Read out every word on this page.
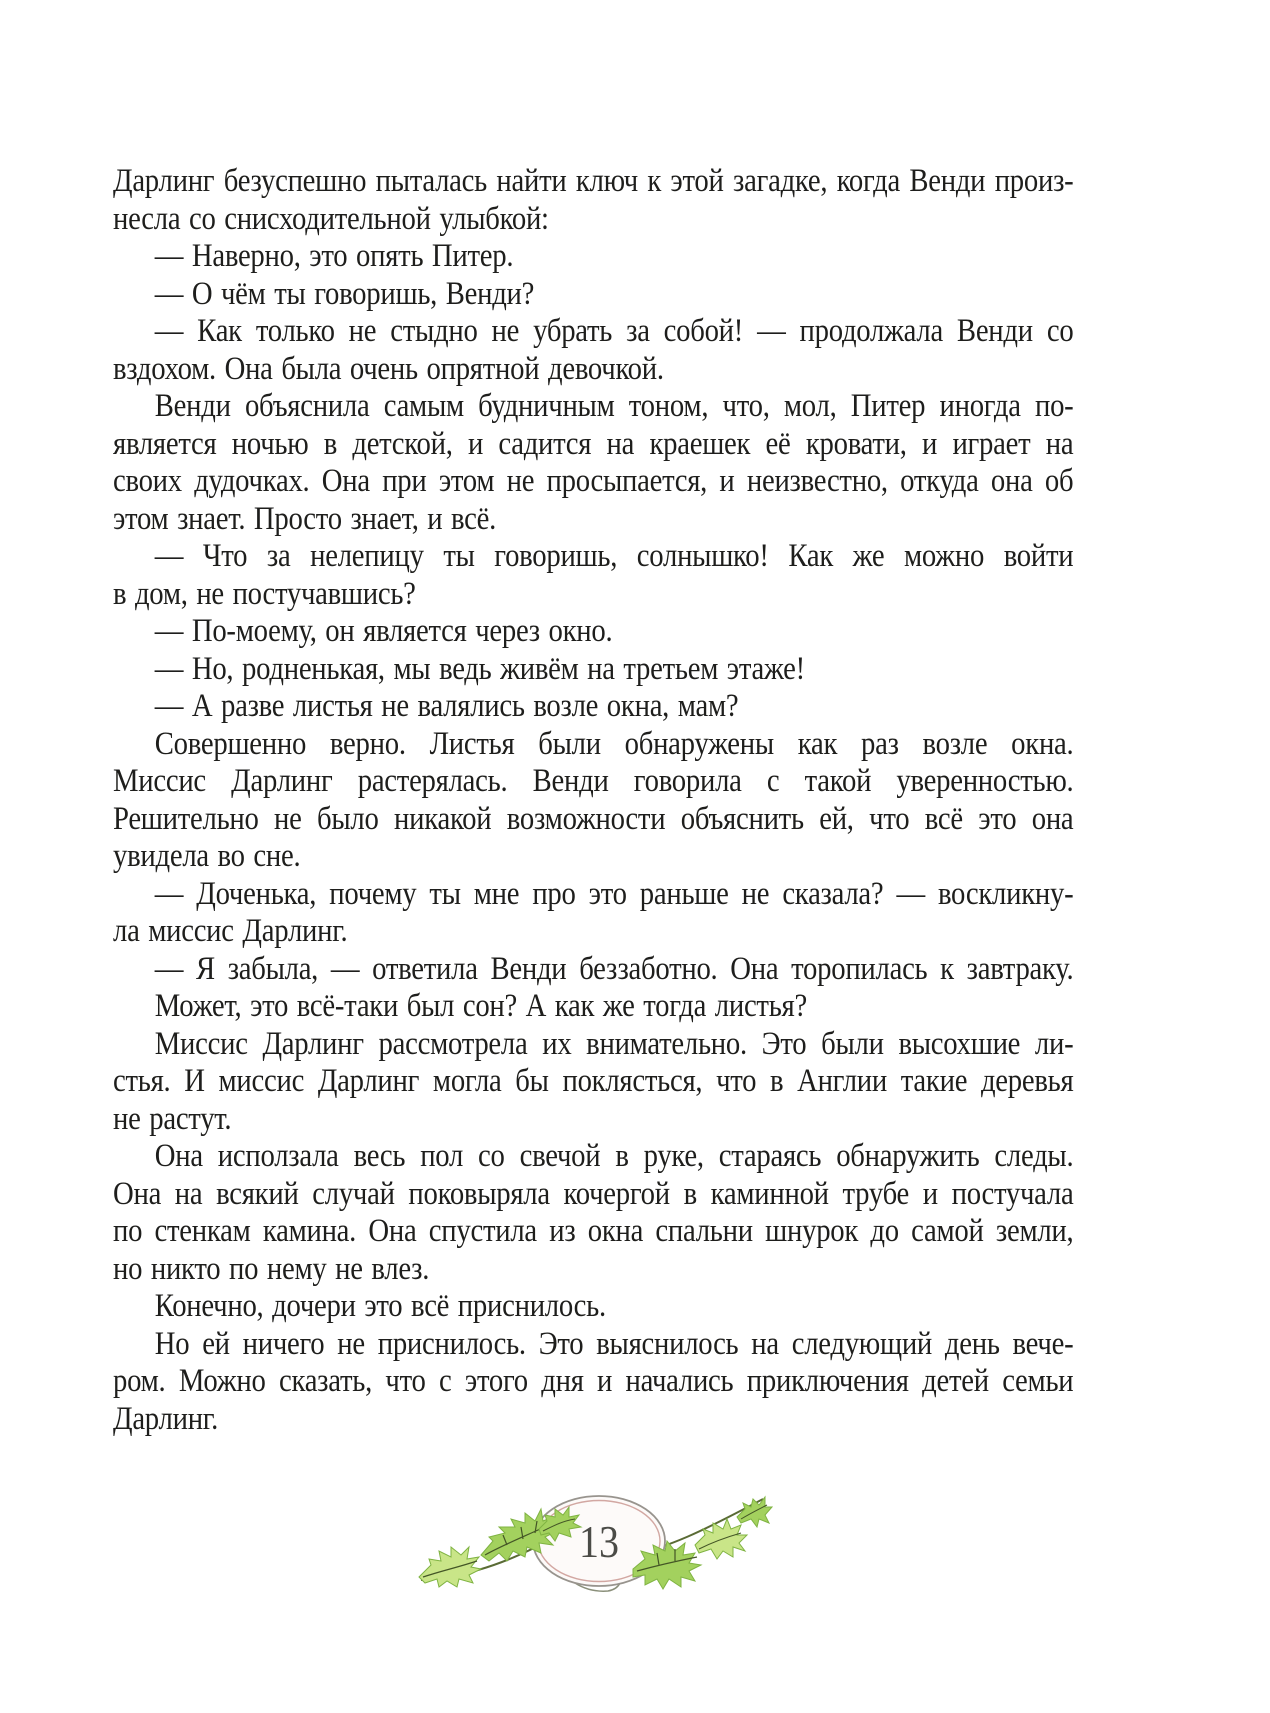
Дарлинг безуспешно пыталась найти ключ к этой загадке, когда Венди произ-
несла со снисходительной улыбкой:
— Наверно, это опять Питер.
— О чём ты говоришь, Венди?
— Как только не стыдно не убрать за собой! — продолжала Венди со
вздохом. Она была очень опрятной девочкой.
Венди объяснила самым будничным тоном, что, мол, Питер иногда по-
является ночью в детской, и садится на краешек её кровати, и играет на
своих дудочках. Она при этом не просыпается, и неизвестно, откуда она об
этом знает. Просто знает, и всё.
— Что за нелепицу ты говоришь, солнышко! Как же можно войти
в дом, не постучавшись?
— По-моему, он является через окно.
— Но, родненькая, мы ведь живём на третьем этаже!
— А разве листья не валялись возле окна, мам?
Совершенно верно. Листья были обнаружены как раз возле окна.
Миссис Дарлинг растерялась. Венди говорила с такой уверенностью.
Решительно не было никакой возможности объяснить ей, что всё это она
увидела во сне.
— Доченька, почему ты мне про это раньше не сказала? — воскликну-
ла миссис Дарлинг.
— Я забыла, — ответила Венди беззаботно. Она торопилась к завтраку.
Может, это всё-таки был сон? А как же тогда листья?
Миссис Дарлинг рассмотрела их внимательно. Это были высохшие ли-
стья. И миссис Дарлинг могла бы поклясться, что в Англии такие деревья
не растут.
Она исползала весь пол со свечой в руке, стараясь обнаружить следы.
Она на всякий случай поковыряла кочергой в каминной трубе и постучала
по стенкам камина. Она спустила из окна спальни шнурок до самой земли,
но никто по нему не влез.
Конечно, дочери это всё приснилось.
Но ей ничего не приснилось. Это выяснилось на следующий день вече-
ром. Можно сказать, что с этого дня и начались приключения детей семьи
Дарлинг.
13
